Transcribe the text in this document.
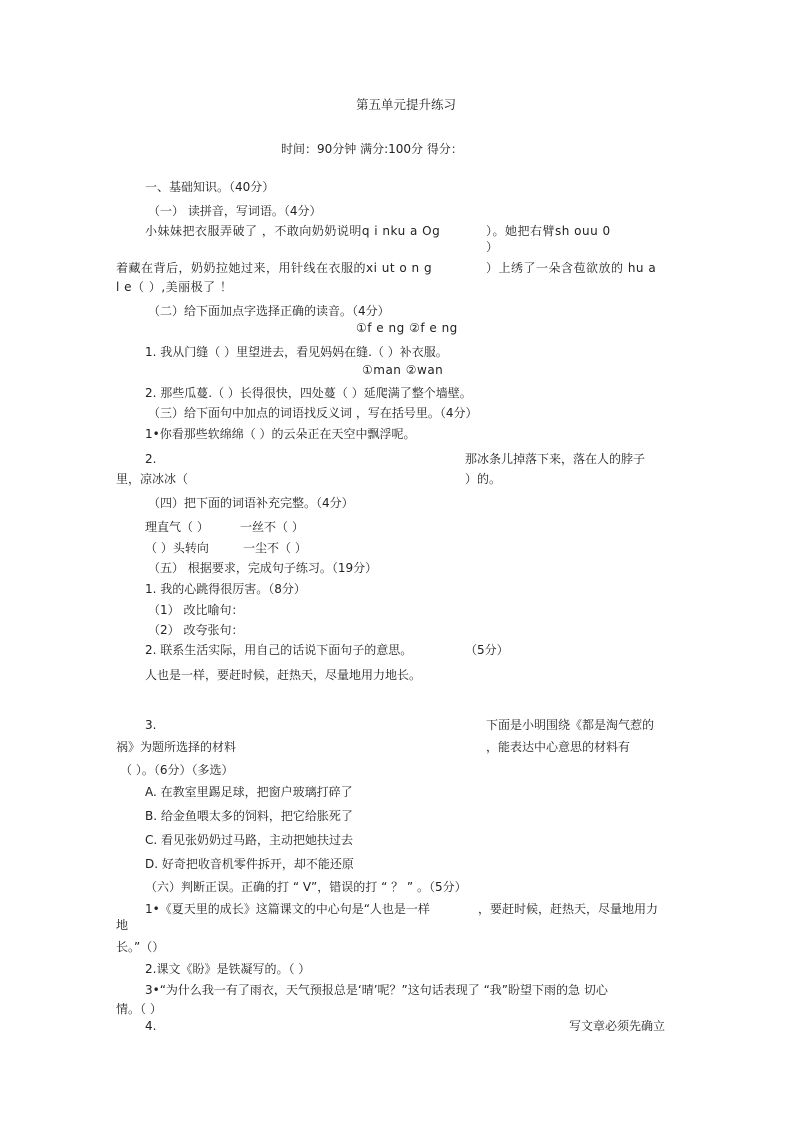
第五单元提升练习
时间：90分钟 满分:100分 得分：
一、基础知识。（40分）
（一） 读拼音，写词语。（4分）
小妹妹把衣服弄破了 ，不敢向奶奶说明q i nku a Og	）。她把右臂sh ouu 0
）
着藏在背后，奶奶拉她过来，用针线在衣服的xi ut o n g	）上绣了一朵含苞欲放的 hu a
l e（ ）,美丽极了 ！
（二）给下面加点字选择正确的读音。（4分）
①f e ng ②f e ng
1. 我从门缝（ ）里望进去，看见妈妈在缝.（ ）补衣服。
①man ②wan
2. 那些瓜蔓.（ ）长得很快，四处蔓（ ）延爬满了整个墙壁。
（三）给下面句中加点的词语找反义词 ，写在括号里。（4分）
1•你看那些软绵绵（ ）的云朵正在天空中飘浮呢。
2.	那冰条儿掉落下来，落在人的脖子
里，凉冰冰（	）的。
（四）把下面的词语补充完整。（4分）
理直气（ ）	一丝不（ ）
（ ）头转向	一尘不（ ）
（五） 根据要求，完成句子练习。（19分）
1. 我的心跳得很厉害。（8分）
（1） 改比喻句：
（2） 改夸张句：
2. 联系生活实际，用自己的话说下面句子的意思。	（5分）
人也是一样，要赶时候，赶热天，尽量地用力地长。
3.	下面是小明围绕《都是淘气惹的
祸》为题所选择的材料	，能表达中心意思的材料有
（ ）。（6分）（多选）
A. 在教室里踢足球，把窗户玻璃打碎了
B. 给金鱼喂太多的饲料，把它给胀死了
C. 看见张奶奶过马路，主动把她扶过去
D. 好奇把收音机零件拆开，却不能还原
（六）判断正误。正确的打 “ V”，错误的打 “ ？ ” 。（5分）
1•《夏天里的成长》这篇课文的中心句是“人也是一样	，要赶时候，赶热天，尽量地用力
地
长。”（）
2.课文《盼》是铁凝写的。（ ）
3•“为什么我一有了雨衣，天气预报总是‘晴’呢？”这句话表现了 “我”盼望下雨的急 切心
情。（ ）
4.	写文章必须先确立
